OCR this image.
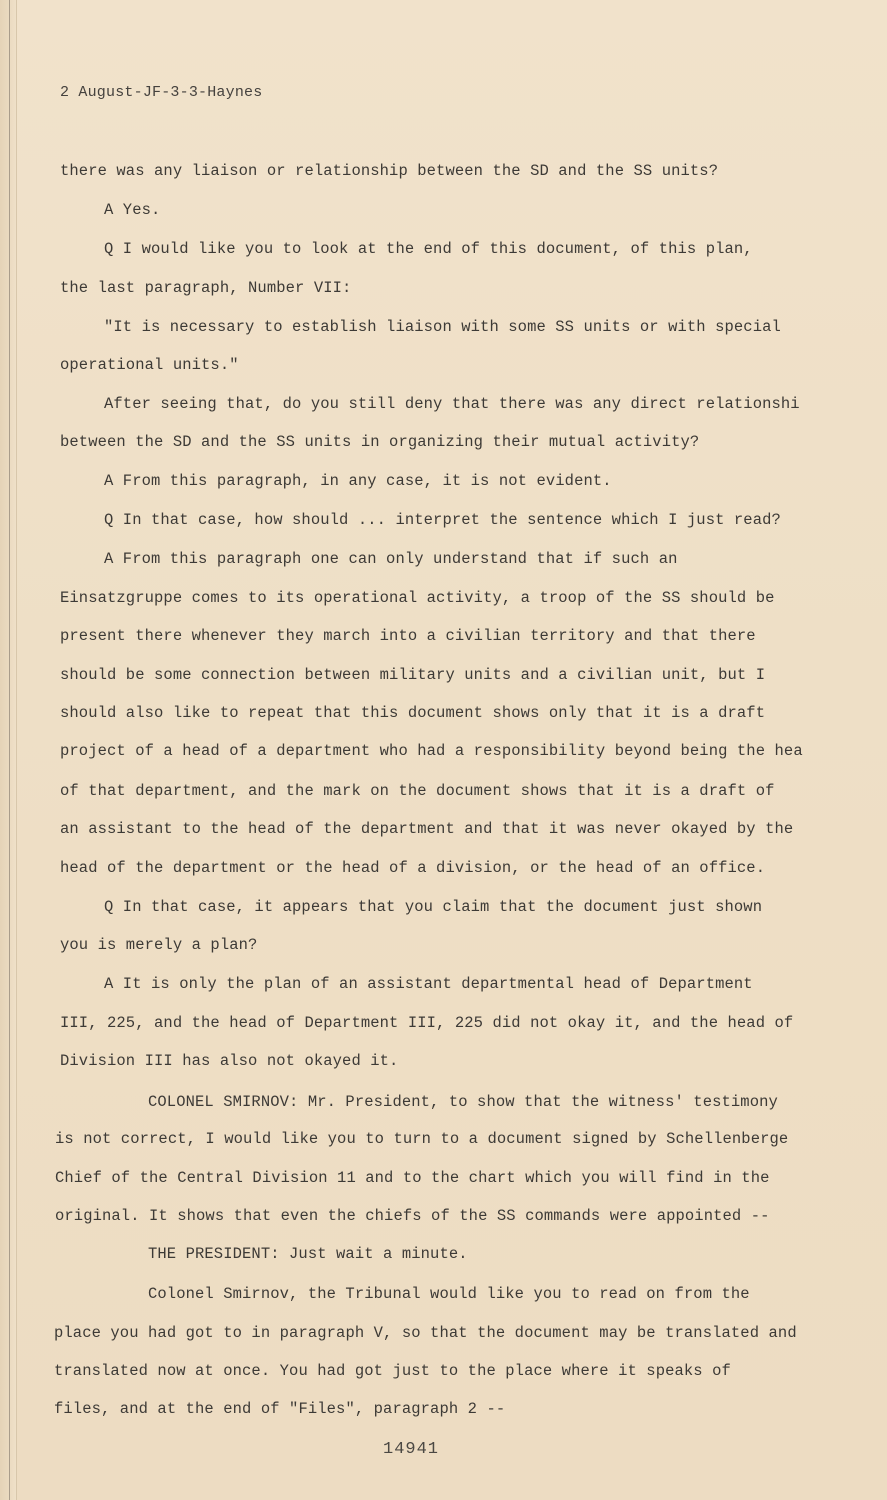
2 August-JF-3-3-Haynes
there was any liaison or relationship between the SD and the SS units?
A Yes.
Q I would like you to look at the end of this document, of this plan,
the last paragraph, Number VII:
"It is necessary to establish liaison with some SS units or with special
operational units."
After seeing that, do you still deny that there was any direct relationshi
between the SD and the SS units in organizing their mutual activity?
A From this paragraph, in any case, it is not evident.
Q In that case, how should ... interpret the sentence which I just read?
A From this paragraph one can only understand that if such an
Einsatzgruppe comes to its operational activity, a troop of the SS should be
present there whenever they march into a civilian territory and that there
should be some connection between military units and a civilian unit, but I
should also like to repeat that this document shows only that it is a draft
project of a head of a department who had a responsibility beyond being the hea
of that department, and the mark on the document shows that it is a draft of
an assistant to the head of the department and that it was never okayed by the
head of the department or the head of a division, or the head of an office.
Q In that case, it appears that you claim that the document just shown
you is merely a plan?
A It is only the plan of an assistant departmental head of Department
III, 225, and the head of Department III, 225 did not okay it, and the head of
Division III has also not okayed it.
COLONEL SMIRNOV: Mr. President, to show that the witness' testimony
is not correct, I would like you to turn to a document signed by Schellenberge
Chief of the Central Division 11 and to the chart which you will find in the
original. It shows that even the chiefs of the SS commands were appointed --
THE PRESIDENT: Just wait a minute.
Colonel Smirnov, the Tribunal would like you to read on from the
place you had got to in paragraph V, so that the document may be translated and
translated now at once. You had got just to the place where it speaks of
files, and at the end of "Files", paragraph 2 --
14941
